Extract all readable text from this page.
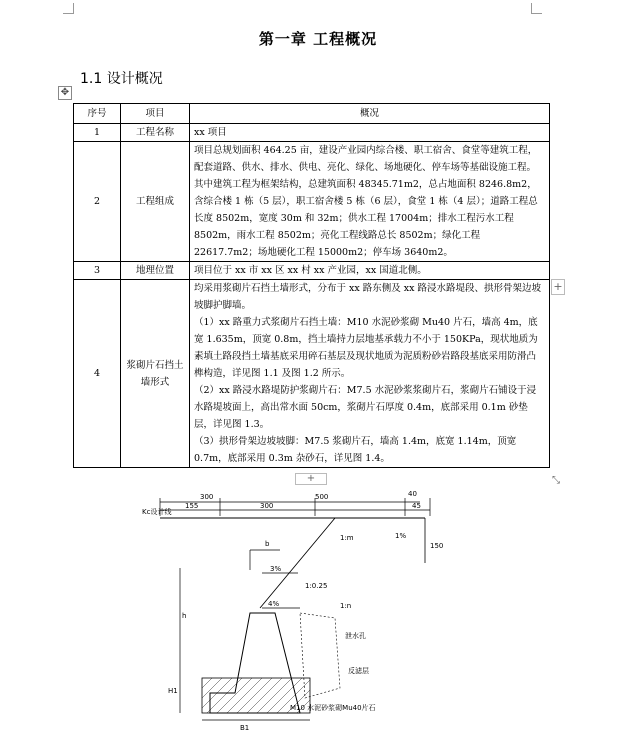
第一章 工程概况
1.1 设计概况
✥
序号	项目	概况
1	工程名称	xx 项目

2	工程组成	项目总规划面积 464.25 亩，建设产业园内综合楼、职工宿舍、食堂等建筑工程，配套道路、供水、排水、供电、亮化、绿化、场地硬化、停车场等基础设施工程。其中建筑工程为框架结构，总建筑面积 48345.71m2，总占地面积 8246.8m2，含综合楼 1 栋（5 层），职工宿舍楼 5 栋（6 层），食堂 1 栋（4 层）；道路工程总长度 8502m，宽度 30m 和 32m；供水工程 17004m；排水工程污水工程 8502m，雨水工程 8502m；亮化工程线路总长 8502m；绿化工程 22617.7m2；场地硬化工程 15000m2；停车场 3640m2。

3	地理位置	项目位于 xx 市 xx 区 xx 村 xx 产业园，xx 国道北侧。

4	浆砌片石挡土墙形式	均采用浆砌片石挡土墙形式，分布于 xx 路东侧及 xx 路浸水路堤段、拱形骨架边坡坡脚护脚墙。

（1）xx 路重力式浆砌片石挡土墙：M10 水泥砂浆砌 Mu40 片石，墙高 4m，底宽 1.635m，顶宽 0.8m，挡土墙持力层地基承载力不小于 150KPa，现状地质为素填土路段挡土墙基底采用碎石基层及现状地质为泥质粉砂岩路段基底采用防滑凸榫构造，详见图 1.1 及图 1.2 所示。

（2）xx 路浸水路堤防护浆砌片石：M7.5 水泥砂浆浆砌片石，浆砌片石铺设于浸水路堤坡面上，高出常水面 50cm，浆砌片石厚度 0.4m，底部采用 0.1m 砂垫层，详见图 1.3。

（3）拱形骨架边坡坡脚：M7.5 浆砌片石，墙高 1.4m，底宽 1.14m，顶宽 0.7m，底部采用 0.3m 杂砂石，详见图 1.4。

+
+	⤡
300	500
155	300	45
40
Kc设计线
150
1%
1:m
b
3%
4%
1:0.25
1:n
泄水孔
反滤层
h
H1
B1
M10 水泥砂浆砌Mu40片石
